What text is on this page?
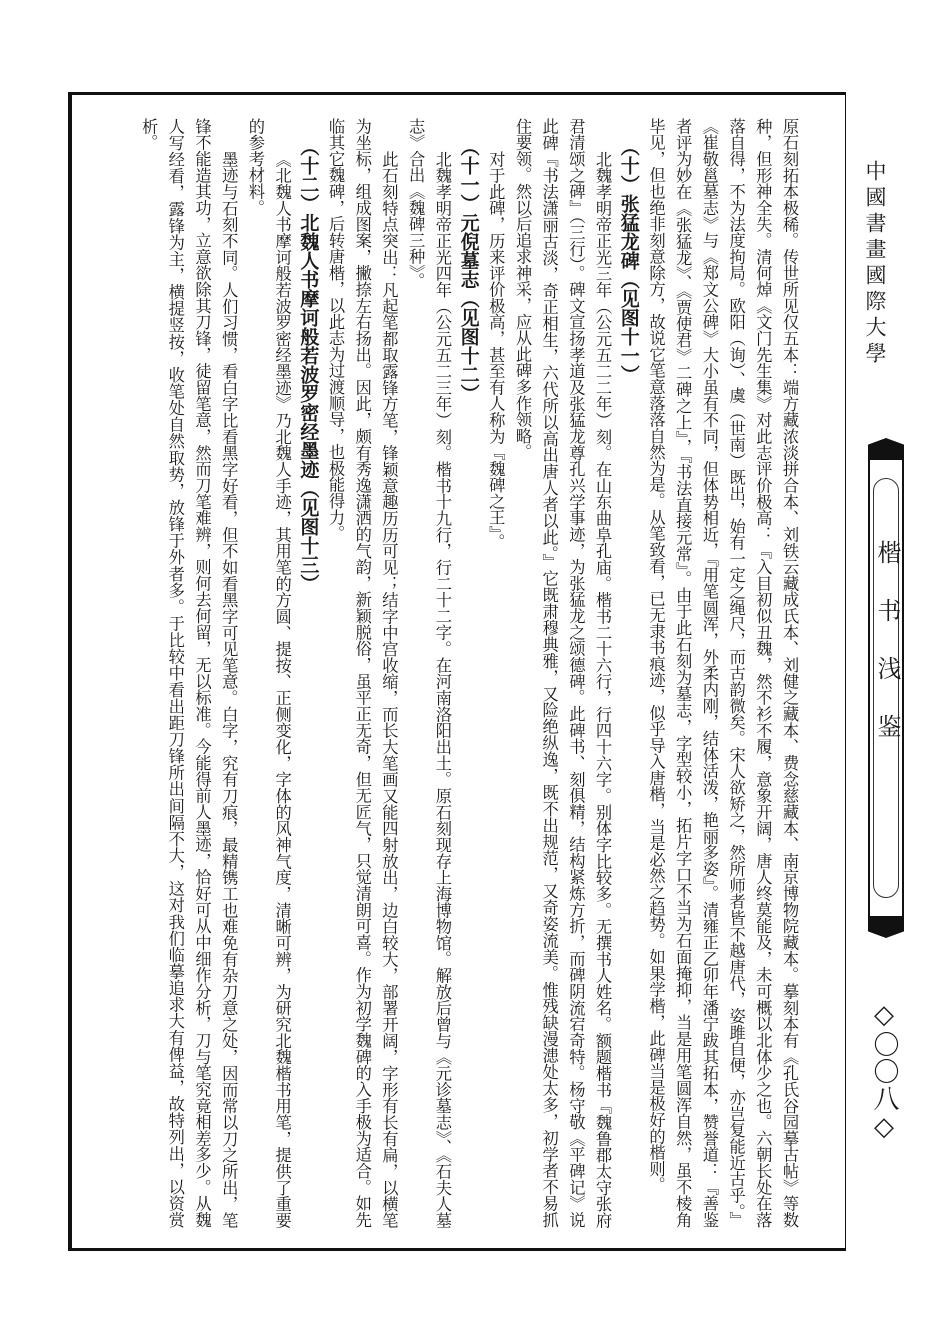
中國書畫國際大學
楷书浅鉴
◇〇〇八◇

原石刻拓本极稀。传世所见仅五本：端方藏浓淡拼合本、刘铁云藏成氏本、刘健之藏本、费念慈藏本、南京博物院藏本。摹刻本有《孔氏谷园摹古帖》等数种，但形神全失。清何焯《文门先生集》对此志评价极高：『入目初似丑魏，然不衫不履，意象开阔，唐人终莫能及，未可概以北体少之也。六朝长处在落落自得，不为法度拘局。欧阳（询）、虞（世南）既出，始有一定之绳尺，而古韵微矣。宋人欲矫之，然所师者皆不越唐代，姿雎自便，亦岂复能近古乎。』《崔敬邕墓志》与《郑文公碑》大小虽有不同，但体势相近，『用笔圆浑，外柔内刚，结体活泼，艳丽多姿』。清雍正乙卯年潘宁跋其拓本，赞誉道：『善鉴者评为妙在《张猛龙》、《贾使君》二碑之上』，『书法直接元常』。由于此石刻为墓志，字型较小，拓片字口不当为石面掩抑，当是用笔圆浑自然，虽不棱角毕见，但也绝非刻意除方，故说它笔意落落自然为是。从笔致看，已无隶书痕迹，似乎导入唐楷，当是必然之趋势。如果学楷，此碑当是极好的楷则。

（十）张猛龙碑（见图十一）

北魏孝明帝正光三年（公元五二二年）刻。在山东曲阜孔庙。楷书二十六行，行四十六字。别体字比较多。无撰书人姓名。额题楷书『魏鲁郡太守张府君清颂之碑』（三行）。碑文宣扬孝道及张猛龙尊孔兴学事迹，为张猛龙之颂德碑。此碑书、刻俱精，结构紧炼方折，而碑阴流宕奇特。杨守敬《平碑记》说此碑『书法潇丽古淡，奇正相生，六代所以高出唐人者以此。』它既肃穆典雅，又险绝纵逸，既不出规范，又奇姿流美。惟残缺漫漶处太多，初学者不易抓住要领。然以后追求神采，应从此碑多作领略。

对于此碑，历来评价极高，甚至有人称为『魏碑之王』。

（十一）元倪墓志（见图十二）

北魏孝明帝正光四年（公元五二三年）刻。楷书十九行，行二十二字。在河南洛阳出土。原石刻现存上海博物馆。解放后曾与《元诊墓志》、《石夫人墓志》合出《魏碑三种》。

此石刻特点突出：凡起笔都取露锋方笔，锋颖意趣历历可见；结字中宫收缩，而长大笔画又能四射放出，边白较大，部署开阔，字形有长有扁，以横笔为坐标，组成图案，撇捺左右扬出。因此，颇有秀逸潇洒的气韵，新颖脱俗，虽平正无奇，但无匠气，只觉清朗可喜。作为初学魏碑的入手极为适合。如先临其它魏碑，后转唐楷，以此志为过渡顺导，也极能得力。

（十二）北魏人书摩诃般若波罗密经墨迹（见图十三）

《北魏人书摩诃般若波罗密经墨迹》乃北魏人手迹，其用笔的方圆、提按、正侧变化，字体的风神气度，清晰可辨，为研究北魏楷书用笔，提供了重要的参考材料。

墨迹与石刻不同。人们习惯，看白字比看黑字好看，但不如看黑字可见笔意。白字，究有刀痕，最精镌工也难免有杂刀意之处，因而常以刀之所出，笔锋不能造其功，立意欲除其刀锋，徒留笔意，然而刀笔难辨，则何去何留，无以标准。今能得前人墨迹，恰好可从中细作分析，刀与笔究竟相差多少。从魏人写经看，露锋为主，横提竖按，收笔处自然取势，放锋于外者多。于比较中看出距刀锋所出间隔不大，这对我们临摹追求大有俾益，故特列出，以资赏析。
